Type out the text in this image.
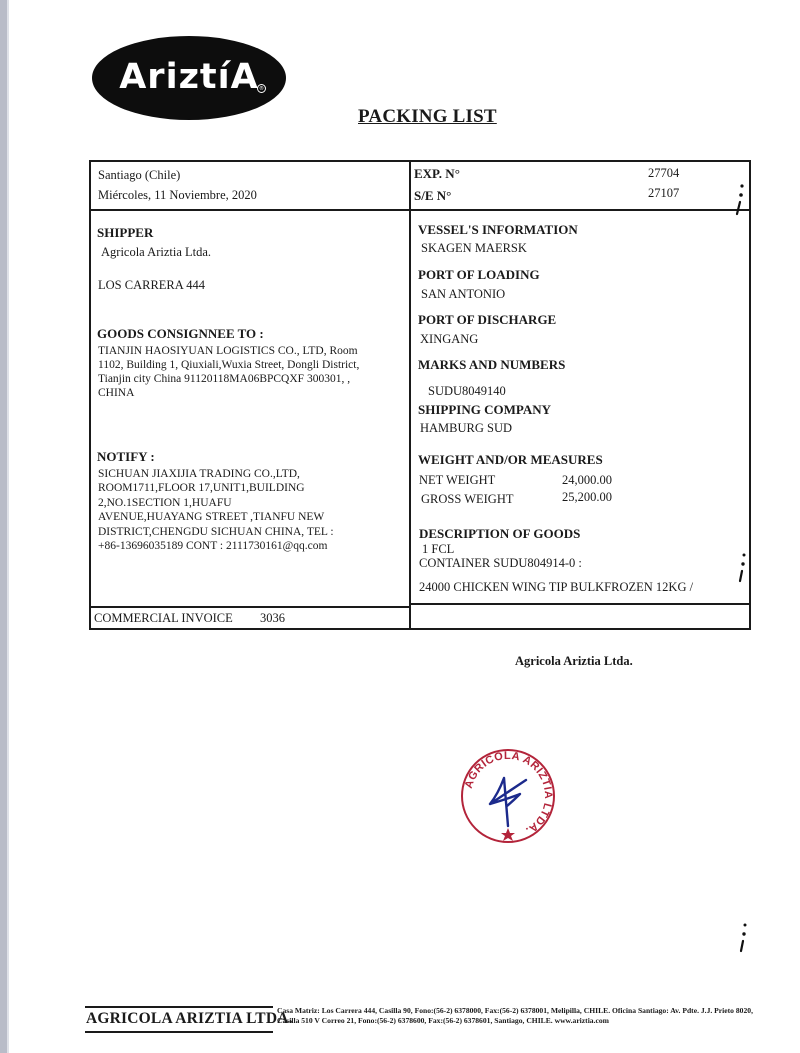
AriztíA ®
PACKING LIST
Santiago (Chile)
Miércoles, 11 Noviembre, 2020
EXP. N°	27704
S/E N°	27107
SHIPPER
Agricola Ariztia Ltda.
LOS CARRERA 444
GOODS CONSIGNNEE TO :
TIANJIN HAOSIYUAN LOGISTICS CO., LTD, Room
1102, Building 1, Qiuxiali,Wuxia Street, Dongli District,
Tianjin city China 91120118MA06BPCQXF 300301, ,
CHINA
NOTIFY :
SICHUAN JIAXIJIA TRADING CO.,LTD,
ROOM1711,FLOOR 17,UNIT1,BUILDING
2,NO.1SECTION 1,HUAFU
AVENUE,HUAYANG STREET ,TIANFU NEW
DISTRICT,CHENGDU SICHUAN CHINA, TEL :
+86-13696035189 CONT : 2111730161@qq.com
COMMERCIAL INVOICE 3036
VESSEL'S INFORMATION
SKAGEN MAERSK
PORT OF LOADING
SAN ANTONIO
PORT OF DISCHARGE
XINGANG
MARKS AND NUMBERS
SUDU8049140
SHIPPING COMPANY
HAMBURG SUD
WEIGHT AND/OR MEASURES
NET WEIGHT	24,000.00
GROSS WEIGHT	25,200.00
DESCRIPTION OF GOODS
1 FCL
CONTAINER SUDU804914-0 :
24000 CHICKEN WING TIP BULKFROZEN 12KG /
Agricola Ariztia Ltda.
AGRICOLA ARIZTIA LTDA.
AGRICOLA ARIZTIA LTDA.
Casa Matriz: Los Carrera 444, Casilla 90, Fono:(56-2) 6378000, Fax:(56-2) 6378001, Melipilla, CHILE. Oficina Santiago: Av. Pdte. J.J. Prieto 8020,
Casilla 510 V Correo 21, Fono:(56-2) 6378600, Fax:(56-2) 6378601, Santiago, CHILE. www.ariztia.com
